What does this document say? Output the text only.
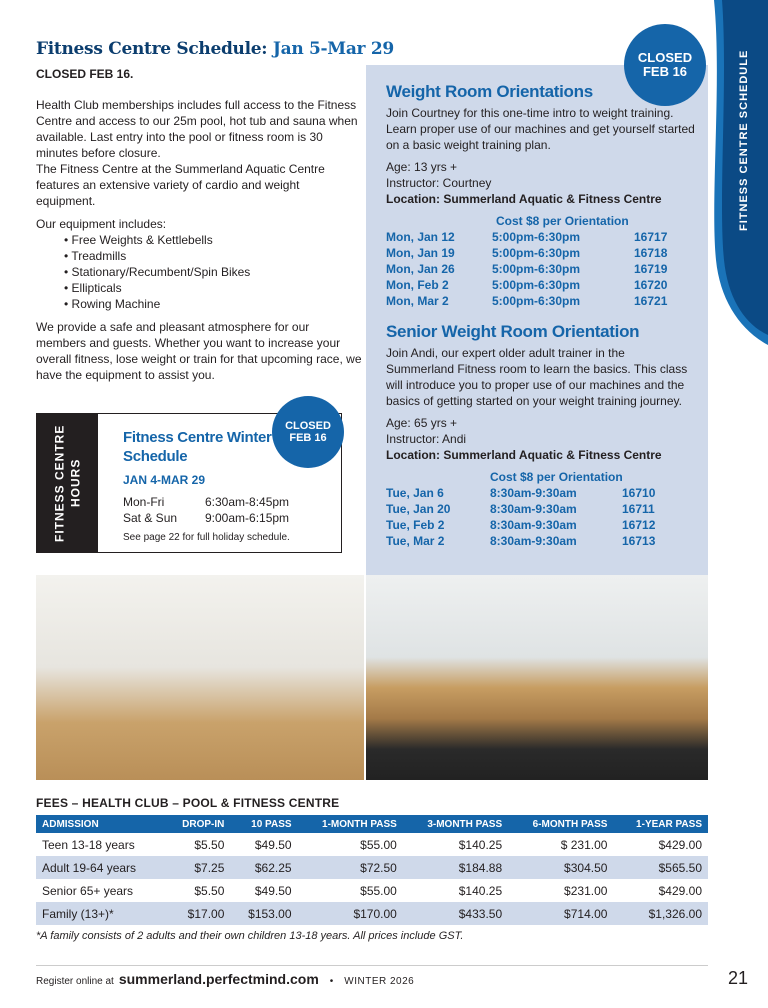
Fitness Centre Schedule: Jan 5-Mar 29
FITNESS CENTRE SCHEDULE
CLOSED FEB 16.

Health Club memberships includes full access to the Fitness Centre and access to our 25m pool, hot tub and sauna when available. Last entry into the pool or fitness room is 30 minutes before closure.

The Fitness Centre at the Summerland Aquatic Centre features an extensive variety of cardio and weight equipment.

Our equipment includes:

• Free Weights & Kettlebells
• Treadmills
• Stationary/Recumbent/Spin Bikes
• Ellipticals
• Rowing Machine
We provide a safe and pleasant atmosphere for our members and guests. Whether you want to increase your overall fitness, lose weight or train for that upcoming race, we have the equipment to assist you.
Weight Room Orientations

Join Courtney for this one-time intro to weight training. Learn proper use of our machines and get yourself started on a basic weight training plan.

Age: 13 yrs +

Instructor: Courtney

Location: Summerland Aquatic & Fitness Centre

Cost $8 per Orientation
Mon, Jan 12	5:00pm-6:30pm	16717
Mon, Jan 19	5:00pm-6:30pm	16718
Mon, Jan 26	5:00pm-6:30pm	16719
Mon, Feb 2	5:00pm-6:30pm	16720
Mon, Mar 2	5:00pm-6:30pm	16721
Senior Weight Room Orientation

Join Andi, our expert older adult trainer in the Summerland Fitness room to learn the basics. This class will introduce you to proper use of our machines and the basics of getting started on your weight training journey.

Age: 65 yrs +

Instructor: Andi

Location: Summerland Aquatic & Fitness Centre

Cost $8 per Orientation
Tue, Jan 6	8:30am-9:30am	16710
Tue, Jan 20	8:30am-9:30am	16711
Tue, Feb 2	8:30am-9:30am	16712
Tue, Mar 2	8:30am-9:30am	16713
CLOSED
FEB 16
FITNESS CENTRE HOURS
Fitness Centre Winter Schedule
JAN 4-MAR 29
Mon-Fri	6:30am-8:45pm
Sat & Sun	9:00am-6:15pm
See page 22 for full holiday schedule.
CLOSED
FEB 16
FEES – HEALTH CLUB – POOL & FITNESS CENTRE
ADMISSION	DROP-IN	10 PASS	1-MONTH PASS	3-MONTH PASS	6-MONTH PASS	1-YEAR PASS
Teen 13-18 years	$5.50	$49.50	$55.00	$140.25	$ 231.00	$429.00
Adult 19-64 years	$7.25	$62.25	$72.50	$184.88	$304.50	$565.50
Senior 65+ years	$5.50	$49.50	$55.00	$140.25	$231.00	$429.00
Family (13+)*	$17.00	$153.00	$170.00	$433.50	$714.00	$1,326.00
*A family consists of 2 adults and their own children 13-18 years. All prices include GST.
Register online at summerland.perfectmind.com • WINTER 2026	21
